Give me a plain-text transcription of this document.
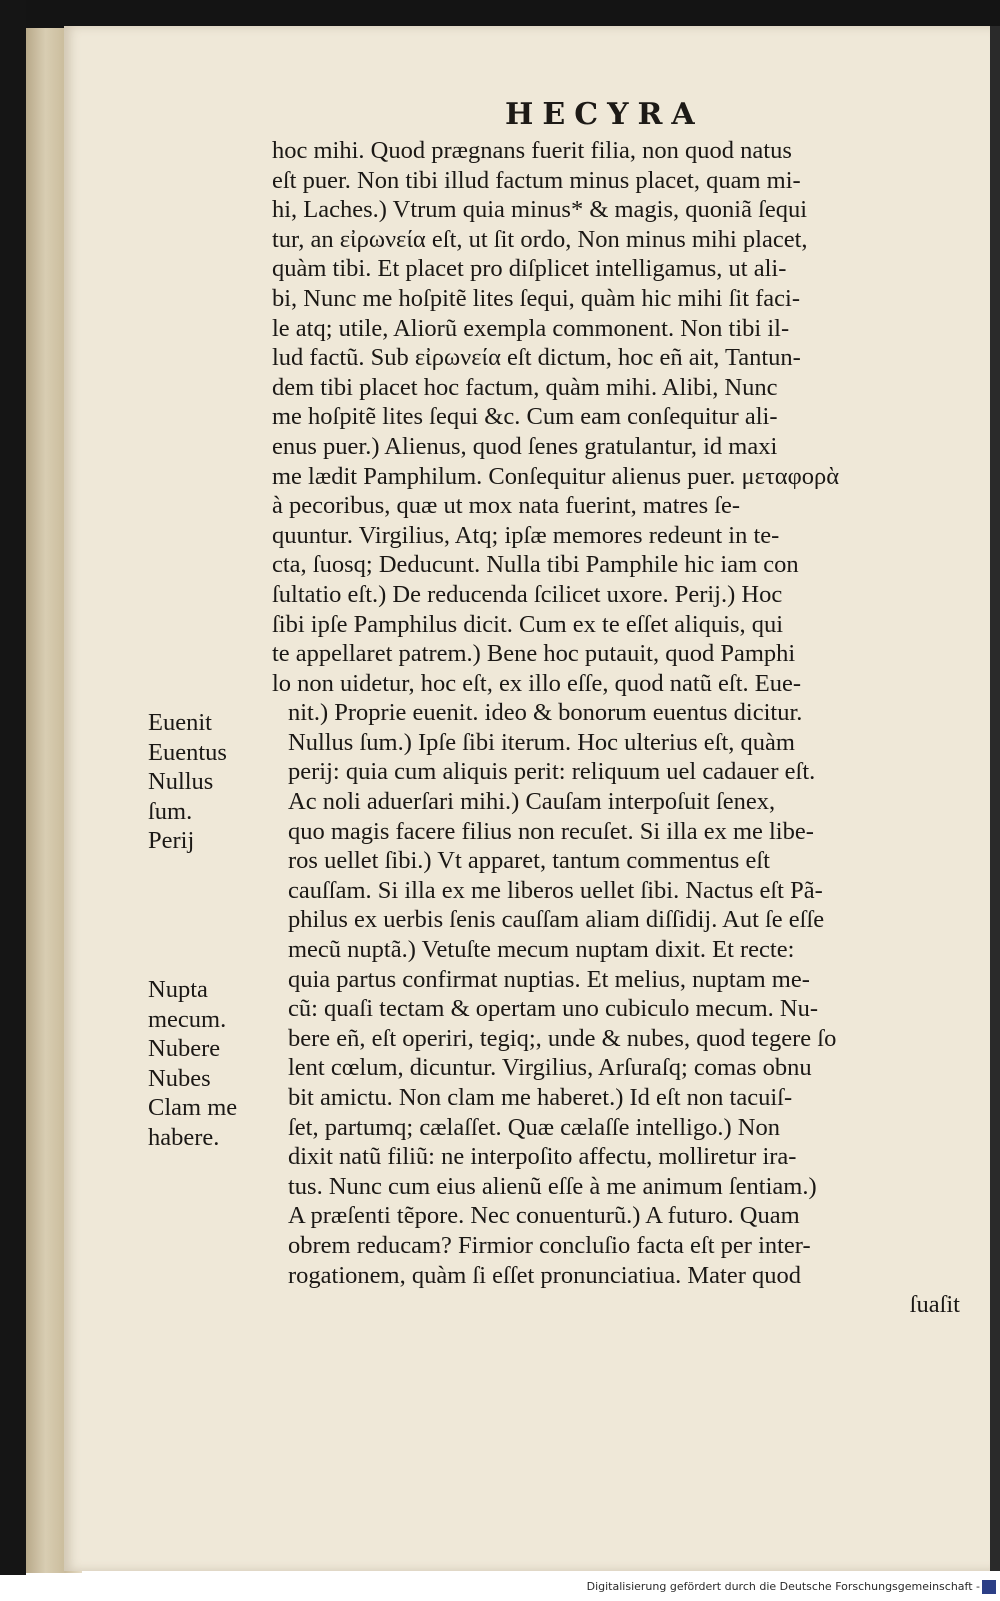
HECYRA
hoc mihi. Quod prægnans fuerit filia, non quod natus
eſt puer. Non tibi illud factum minus placet, quam mi-
hi, Laches.) Vtrum quia minus* & magis, quoniã ſequi
tur, an εἰρωνεία eſt, ut ſit ordo, Non minus mihi placet,
quàm tibi. Et placet pro diſplicet intelligamus, ut ali-
bi, Nunc me hoſpitẽ lites ſequi, quàm hic mihi ſit faci-
le atq; utile, Aliorũ exempla commonent. Non tibi il-
lud factũ. Sub εἰρωνεία eſt dictum, hoc eñ ait, Tantun-
dem tibi placet hoc factum, quàm mihi. Alibi, Nunc
me hoſpitẽ lites ſequi &c. Cum eam conſequitur ali-
enus puer.) Alienus, quod ſenes gratulantur, id maxi
me lædit Pamphilum. Conſequitur alienus puer. μεταφορὰ
à pecoribus, quæ ut mox nata fuerint, matres ſe-
quuntur. Virgilius, Atq; ipſæ memores redeunt in te-
cta, ſuosq; Deducunt. Nulla tibi Pamphile hic iam con
ſultatio eſt.) De reducenda ſcilicet uxore. Perij.) Hoc
ſibi ipſe Pamphilus dicit. Cum ex te eſſet aliquis, qui
te appellaret patrem.) Bene hoc putauit, quod Pamphi
lo non uidetur, hoc eſt, ex illo eſſe, quod natũ eſt. Eue-
nit.) Proprie euenit. ideo & bonorum euentus dicitur.
Nullus ſum.) Ipſe ſibi iterum. Hoc ulterius eſt, quàm
perij: quia cum aliquis perit: reliquum uel cadauer eſt.
Ac noli aduerſari mihi.) Cauſam interpoſuit ſenex,
quo magis facere filius non recuſet. Si illa ex me libe-
ros uellet ſibi.) Vt apparet, tantum commentus eſt
cauſſam. Si illa ex me liberos uellet ſibi. Nactus eſt Pã-
philus ex uerbis ſenis cauſſam aliam diſſidij. Aut ſe eſſe
mecũ nuptã.) Vetuſte mecum nuptam dixit. Et recte:
quia partus confirmat nuptias. Et melius, nuptam me-
cũ: quaſi tectam & opertam uno cubiculo mecum. Nu-
bere eñ, eſt operiri, tegiq;, unde & nubes, quod tegere ſo
lent cœlum, dicuntur. Virgilius, Arſuraſq; comas obnu
bit amictu. Non clam me haberet.) Id eſt non tacuiſ-
ſet, partumq; cælaſſet. Quæ cælaſſe intelligo.) Non
dixit natũ filiũ: ne interpoſito affectu, molliretur ira-
tus. Nunc cum eius alienũ eſſe à me animum ſentiam.)
A præſenti tẽpore. Nec conuenturũ.) A futuro. Quam
obrem reducam? Firmior concluſio facta eſt per inter-
rogationem, quàm ſi eſſet pronunciatiua. Mater quod
ſuaſit
Euenit
Euentus
Nullus
ſum.
Perij
Nupta
mecum.
Nubere
Nubes
Clam me
habere.
Digitalisierung gefördert durch die Deutsche Forschungsgemeinschaft -
